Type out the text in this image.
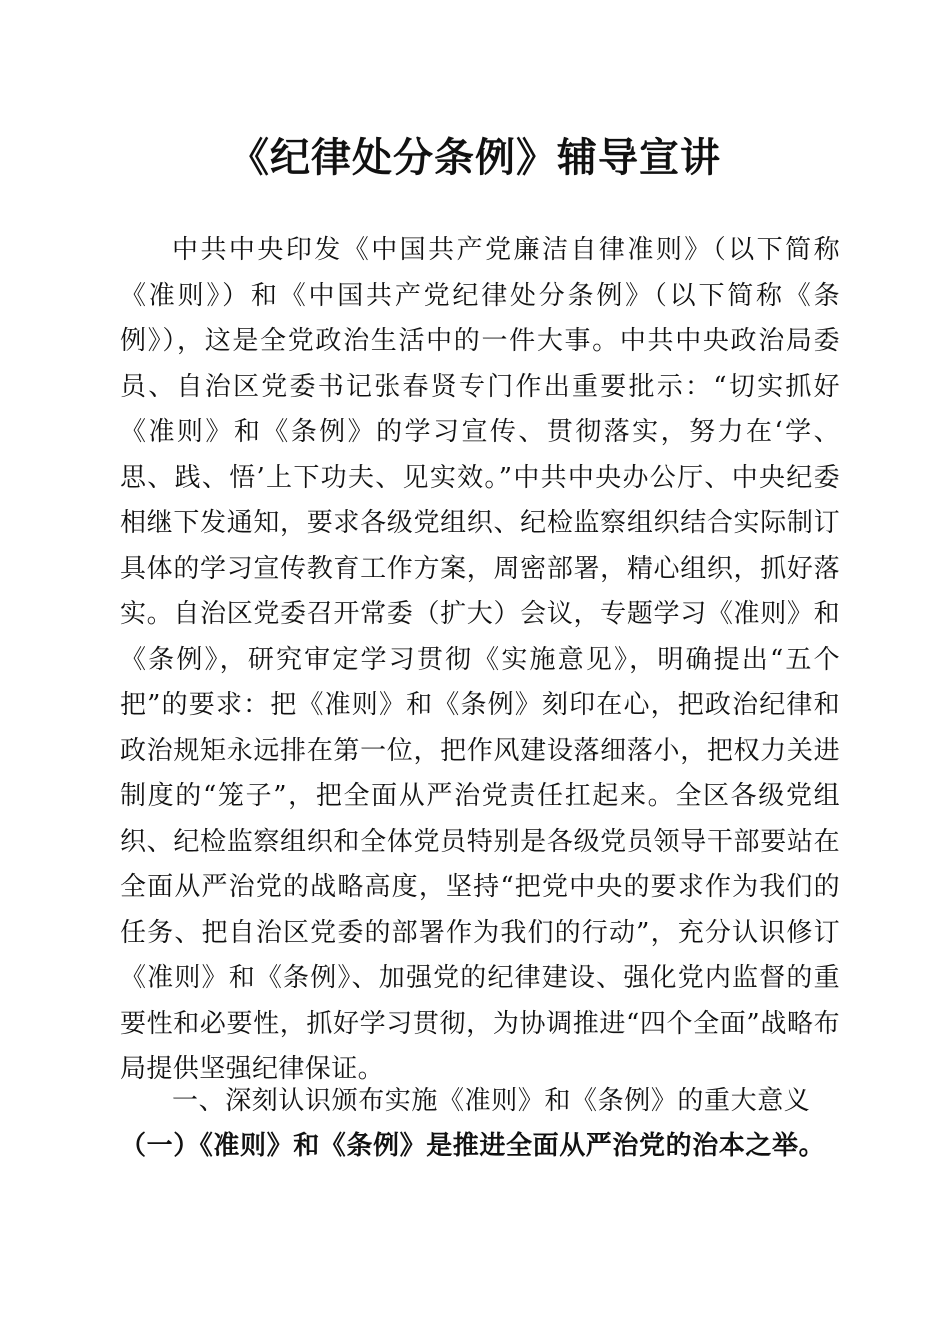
《纪律处分条例》辅导宣讲

中共中央印发《中国共产党廉洁自律准则》（以下简称《准则》）和《中国共产党纪律处分条例》（以下简称《条例》），这是全党政治生活中的一件大事。中共中央政治局委员、自治区党委书记张春贤专门作出重要批示：“切实抓好《准则》和《条例》的学习宣传、贯彻落实，努力在‘学、思、践、悟’上下功夫、见实效。”中共中央办公厅、中央纪委相继下发通知，要求各级党组织、纪检监察组织结合实际制订具体的学习宣传教育工作方案，周密部署，精心组织，抓好落实。自治区党委召开常委（扩大）会议，专题学习《准则》和《条例》，研究审定学习贯彻《实施意见》，明确提出“五个把”的要求：把《准则》和《条例》刻印在心，把政治纪律和政治规矩永远排在第一位，把作风建设落细落小，把权力关进制度的“笼子”，把全面从严治党责任扛起来。全区各级党组织、纪检监察组织和全体党员特别是各级党员领导干部要站在全面从严治党的战略高度，坚持“把党中央的要求作为我们的任务、把自治区党委的部署作为我们的行动”，充分认识修订《准则》和《条例》、加强党的纪律建设、强化党内监督的重要性和必要性，抓好学习贯彻，为协调推进“四个全面”战略布局提供坚强纪律保证。

一、深刻认识颁布实施《准则》和《条例》的重大意义

（一）《准则》和《条例》是推进全面从严治党的治本之举。
